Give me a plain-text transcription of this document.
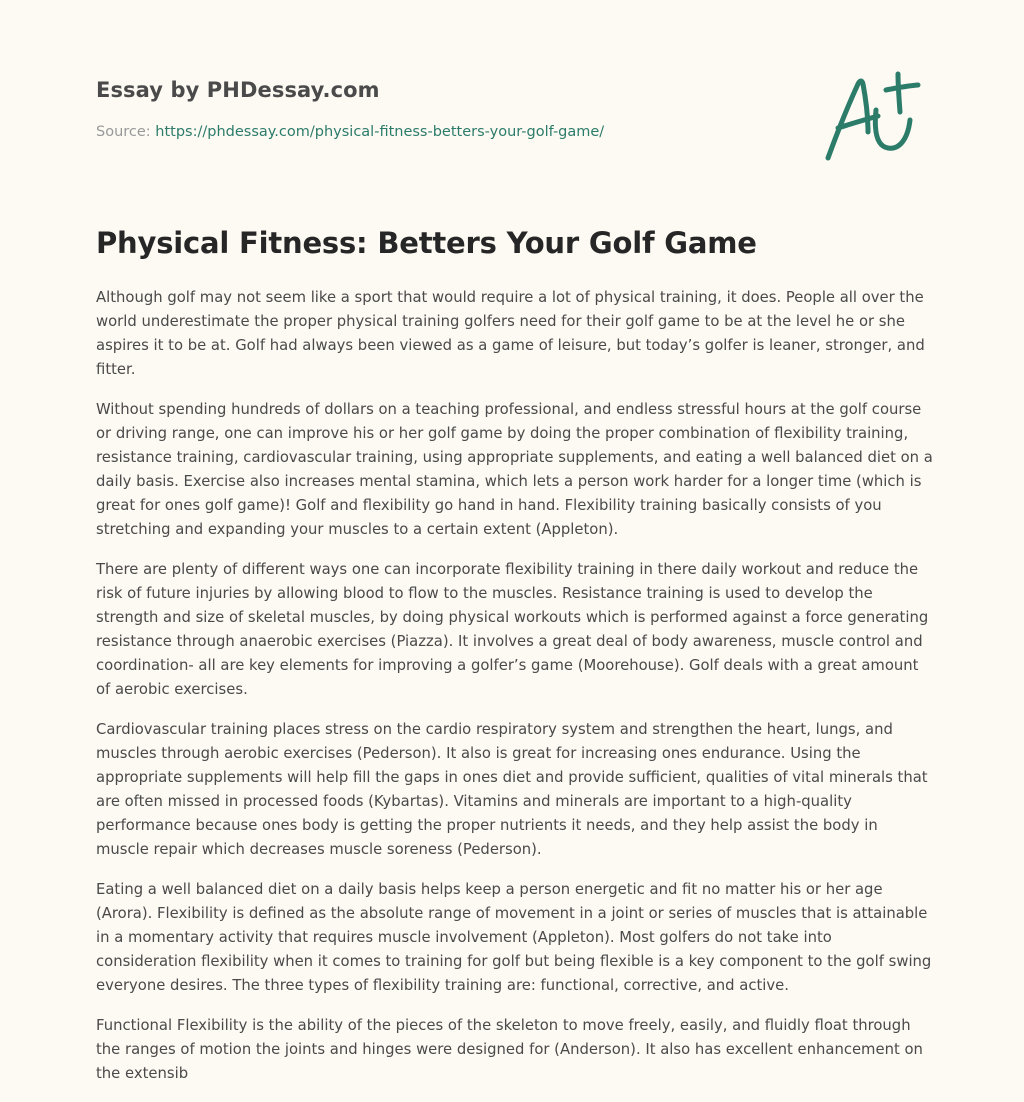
Essay by PHDessay.com
Source: https://phdessay.com/physical-fitness-betters-your-golf-game/
Physical Fitness: Betters Your Golf Game

Although golf may not seem like a sport that would require a lot of physical training, it does. People all over the world underestimate the proper physical training golfers need for their golf game to be at the level he or she aspires it to be at. Golf had always been viewed as a game of leisure, but today’s golfer is leaner, stronger, and fitter.

Without spending hundreds of dollars on a teaching professional, and endless stressful hours at the golf course or driving range, one can improve his or her golf game by doing the proper combination of flexibility training, resistance training, cardiovascular training, using appropriate supplements, and eating a well balanced diet on a daily basis. Exercise also increases mental stamina, which lets a person work harder for a longer time (which is great for ones golf game)! Golf and flexibility go hand in hand. Flexibility training basically consists of you stretching and expanding your muscles to a certain extent (Appleton).

There are plenty of different ways one can incorporate flexibility training in there daily workout and reduce the risk of future injuries by allowing blood to flow to the muscles. Resistance training is used to develop the strength and size of skeletal muscles, by doing physical workouts which is performed against a force generating resistance through anaerobic exercises (Piazza). It involves a great deal of body awareness, muscle control and coordination- all are key elements for improving a golfer’s game (Moorehouse). Golf deals with a great amount of aerobic exercises.

Cardiovascular training places stress on the cardio respiratory system and strengthen the heart, lungs, and muscles through aerobic exercises (Pederson). It also is great for increasing ones endurance. Using the appropriate supplements will help fill the gaps in ones diet and provide sufficient, qualities of vital minerals that are often missed in processed foods (Kybartas). Vitamins and minerals are important to a high-quality performance because ones body is getting the proper nutrients it needs, and they help assist the body in muscle repair which decreases muscle soreness (Pederson).

Eating a well balanced diet on a daily basis helps keep a person energetic and fit no matter his or her age (Arora). Flexibility is defined as the absolute range of movement in a joint or series of muscles that is attainable in a momentary activity that requires muscle involvement (Appleton). Most golfers do not take into consideration flexibility when it comes to training for golf but being flexible is a key component to the golf swing everyone desires. The three types of flexibility training are: functional, corrective, and active.

Functional Flexibility is the ability of the pieces of the skeleton to move freely, easily, and fluidly float through the ranges of motion the joints and hinges were designed for (Anderson). It also has excellent enhancement on the extensib
